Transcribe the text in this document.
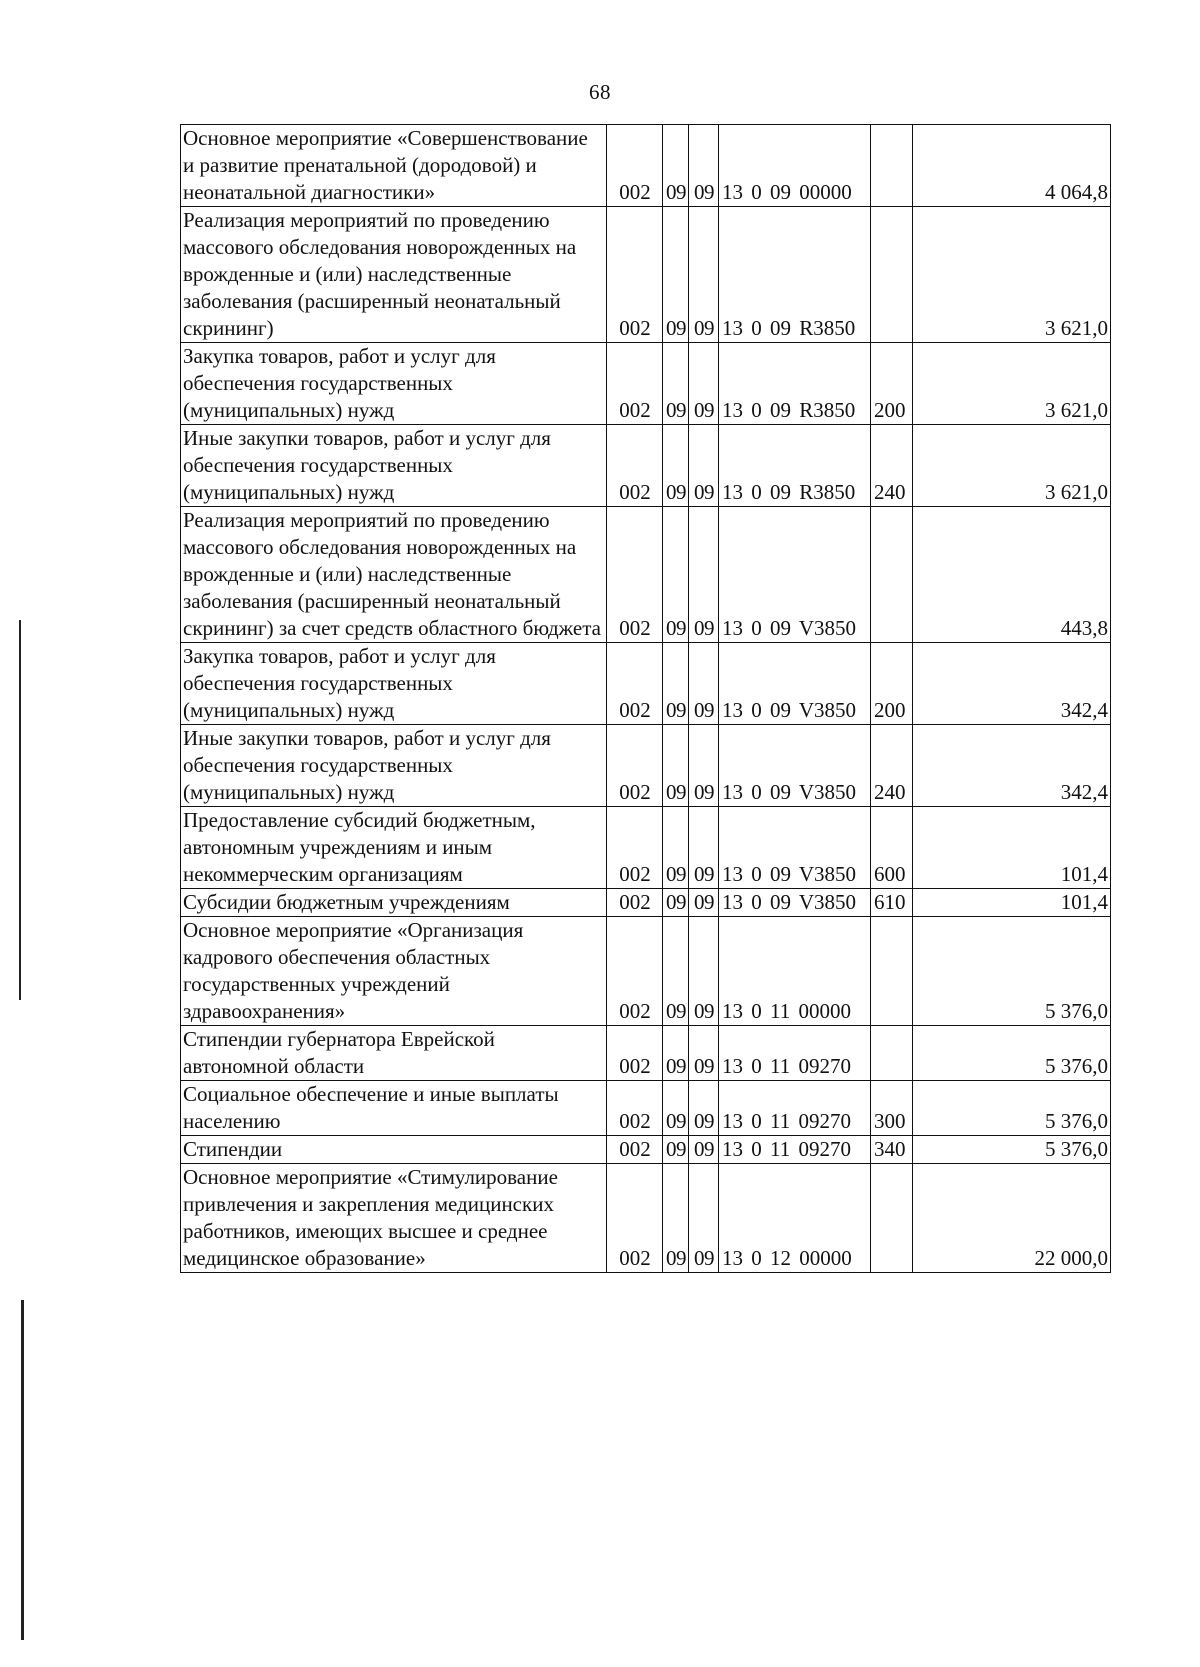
68
Основное мероприятие «Совершенствование и развитие пренатальной (дородовой) и неонатальной диагностики»	002	09	09	13 0 09 00000		4 064,8
Реализация мероприятий по проведению массового обследования новорожденных на врожденные и (или) наследственные заболевания (расширенный неонатальный скрининг)	002	09	09	13 0 09 R3850		3 621,0
Закупка товаров, работ и услуг для обеспечения государственных (муниципальных) нужд	002	09	09	13 0 09 R3850	200	3 621,0
Иные закупки товаров, работ и услуг для обеспечения государственных (муниципальных) нужд	002	09	09	13 0 09 R3850	240	3 621,0
Реализация мероприятий по проведению массового обследования новорожденных на врожденные и (или) наследственные заболевания (расширенный неонатальный скрининг) за счет средств областного бюджета	002	09	09	13 0 09 V3850		443,8
Закупка товаров, работ и услуг для обеспечения государственных (муниципальных) нужд	002	09	09	13 0 09 V3850	200	342,4
Иные закупки товаров, работ и услуг для обеспечения государственных (муниципальных) нужд	002	09	09	13 0 09 V3850	240	342,4
Предоставление субсидий бюджетным, автономным учреждениям и иным некоммерческим организациям	002	09	09	13 0 09 V3850	600	101,4
Субсидии бюджетным учреждениям	002	09	09	13 0 09 V3850	610	101,4
Основное мероприятие «Организация кадрового обеспечения областных государственных учреждений здравоохранения»	002	09	09	13 0 11 00000		5 376,0
Стипендии губернатора Еврейской автономной области	002	09	09	13 0 11 09270		5 376,0
Социальное обеспечение и иные выплаты населению	002	09	09	13 0 11 09270	300	5 376,0
Стипендии	002	09	09	13 0 11 09270	340	5 376,0
Основное мероприятие «Стимулирование привлечения и закрепления медицинских работников, имеющих высшее и среднее медицинское образование»	002	09	09	13 0 12 00000		22 000,0
